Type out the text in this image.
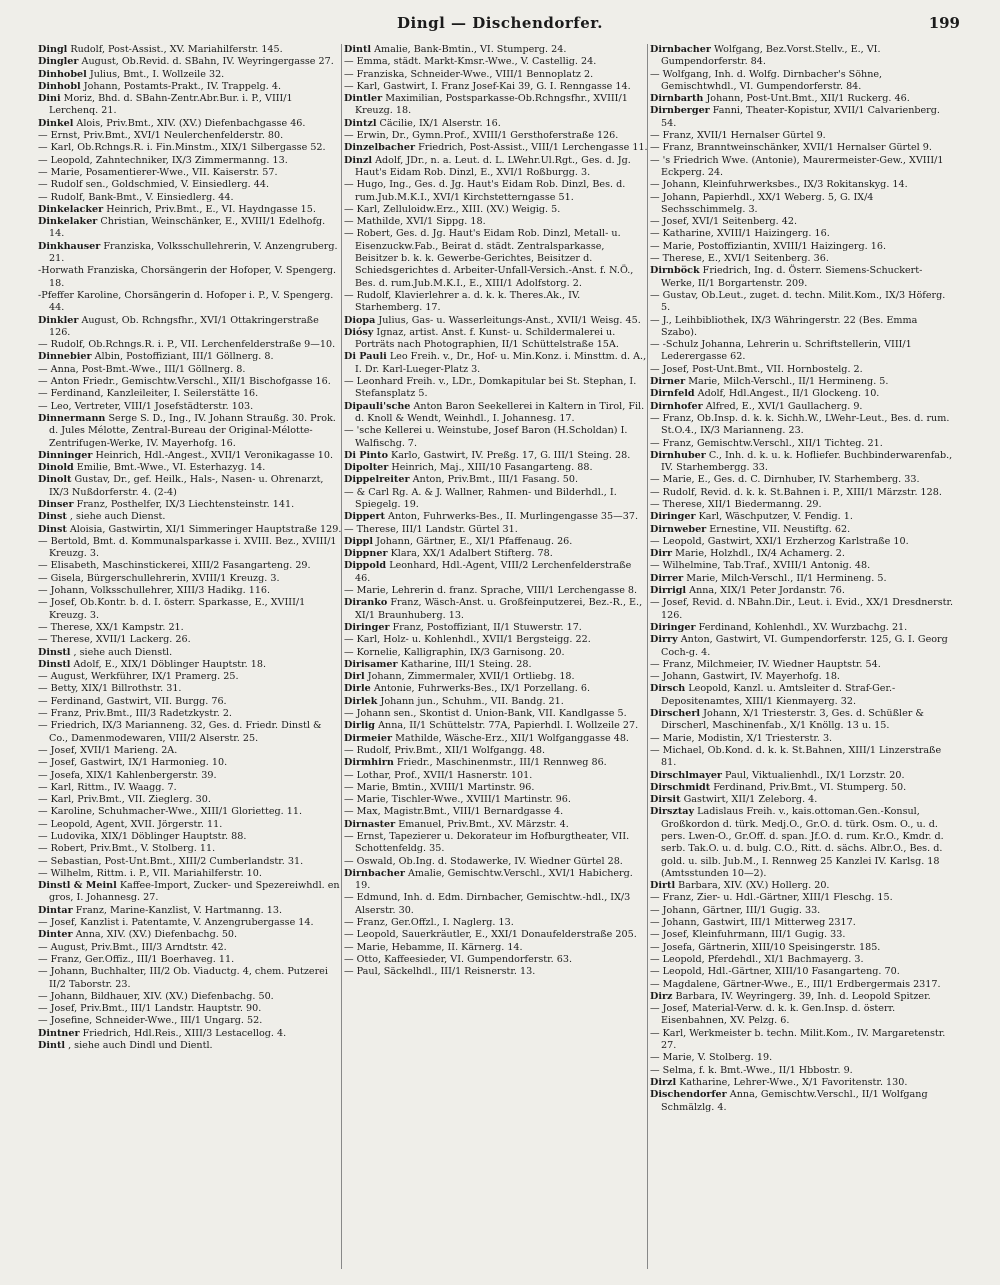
Dingl — Dischendorfer.	199

Dingl Rudolf, Post-Assist., XV. Mariahilferstr. 145.

Dingler August, Ob.Revid. d. SBahn, IV. Weyringergasse 27.

Dinhobel Julius, Bmt., I. Wollzeile 32.

Dinhobl Johann, Postamts-Prakt., IV. Trappelg. 4.

Dini Moriz, Bhd. d. SBahn-Zentr.Abr.Bur. i. P., VIII/1 Lerchenq. 21.

Dinkel Alois, Priv.Bmt., XIV. (XV.) Diefenbachgasse 46.

— Ernst, Priv.Bmt., XVI/1 Neulerchenfelderstr. 80.

— Karl, Ob.Rchngs.R. i. Fin.Minstm., XIX/1 Silbergasse 52.

— Leopold, Zahntechniker, IX/3 Zimmermanng. 13.

— Marie, Posamentierer-Wwe., VII. Kaiserstr. 57.

— Rudolf sen., Goldschmied, V. Einsiedlerg. 44.

— Rudolf, Bank-Bmt., V. Einsiedlerg. 44.

Dinkelacker Heinrich, Priv.Bmt., E., VI. Haydngasse 15.

Dinkelaker Christian, Weinschänker, E., XVIII/1 Edelhofg. 14.

Dinkhauser Franziska, Volksschullehrerin, V. Anzengruberg. 21.

-Horwath Franziska, Chorsängerin der Hofoper, V. Spengerg. 18.

-Pfeffer Karoline, Chorsängerin d. Hofoper i. P., V. Spengerg. 44.

Dinkler August, Ob. Rchngsfhr., XVI/1 Ottakringerstraße 126.

— Rudolf, Ob.Rchngs.R. i. P., VII. Lerchenfelderstraße 9—10.

Dinnebier Albin, Postoffiziant, III/1 Göllnerg. 8.

— Anna, Post-Bmt.-Wwe., III/1 Göllnerg. 8.

— Anton Friedr., Gemischtw.Verschl., XII/1 Bischofgasse 16.

— Ferdinand, Kanzleileiter, I. Seilerstätte 16.

— Leo, Vertreter, VIII/1 Josefstädterstr. 103.

Dinnermann Serge S. D., Ing., IV. Johann Straußg. 30. Prok. d. Jules Mélotte, Zentral-Bureau der Original-Mélotte-Zentrifugen-Werke, IV. Mayerhofg. 16.

Dinninger Heinrich, Hdl.-Angest., XVII/1 Veronikagasse 10.

Dinold Emilie, Bmt.-Wwe., VI. Esterhazyg. 14.

Dinolt Gustav, Dr., gef. Heilk., Hals-, Nasen- u. Ohrenarzt, IX/3 Nußdorferstr. 4. (2-4)

Dinser Franz, Posthelfer, IX/3 Liechtensteinstr. 141.

Dinst , siehe auch Dienst.

Dinst Aloisia, Gastwirtin, XI/1 Simmeringer Hauptstraße 129.

— Bertold, Bmt. d. Kommunalsparkasse i. XVIII. Bez., XVIII/1 Kreuzg. 3.

— Elisabeth, Maschinstickerei, XIII/2 Fasangarteng. 29.

— Gisela, Bürgerschullehrerin, XVIII/1 Kreuzg. 3.

— Johann, Volksschullehrer, XIII/3 Hadikg. 116.

— Josef, Ob.Kontr. b. d. I. österr. Sparkasse, E., XVIII/1 Kreuzg. 3.

— Therese, XX/1 Kampstr. 21.

— Therese, XVII/1 Lackerg. 26.

Dinstl , siehe auch Dienstl.

Dinstl Adolf, E., XIX/1 Döblinger Hauptstr. 18.

— August, Werkführer, IX/1 Pramerg. 25.

— Betty, XIX/1 Billrothstr. 31.

— Ferdinand, Gastwirt, VII. Burgg. 76.

— Franz, Priv.Bmt., III/3 Radetzkystr. 2.

— Friedrich, IX/3 Marianneng. 32, Ges. d. Friedr. Dinstl & Co., Damenmodewaren, VIII/2 Alserstr. 25.

— Josef, XVII/1 Marieng. 2A.

— Josef, Gastwirt, IX/1 Harmonieg. 10.

— Josefa, XIX/1 Kahlenbergerstr. 39.

— Karl, Rittm., IV. Waagg. 7.

— Karl, Priv.Bmt., VII. Zieglerg. 30.

— Karoline, Schuhmacher-Wwe., XIII/1 Glorietteg. 11.

— Leopold, Agent, XVII. Jörgerstr. 11.

— Ludovika, XIX/1 Döblinger Hauptstr. 88.

— Robert, Priv.Bmt., V. Stolberg. 11.

— Sebastian, Post-Unt.Bmt., XIII/2 Cumberlandstr. 31.

— Wilhelm, Rittm. i. P., VII. Mariahilferstr. 10.

Dinstl & Meinl Kaffee-Import, Zucker- und Spezereiwhdl. en gros, I. Johannesg. 27.

Dintar Franz, Marine-Kanzlist, V. Hartmanng. 13.

— Josef, Kanzlist i. Patentamte, V. Anzengrubergasse 14.

Dinter Anna, XIV. (XV.) Diefenbachg. 50.

— August, Priv.Bmt., III/3 Arndtstr. 42.

— Franz, Ger.Offiz., III/1 Boerhaveg. 11.

— Johann, Buchhalter, III/2 Ob. Viaductg. 4, chem. Putzerei II/2 Taborstr. 23.

— Johann, Bildhauer, XIV. (XV.) Diefenbachg. 50.

— Josef, Priv.Bmt., III/1 Landstr. Hauptstr. 90.

— Josefine, Schneider-Wwe., III/1 Ungarg. 52.

Dintner Friedrich, Hdl.Reis., XIII/3 Lestacellog. 4.

Dintl , siehe auch Dindl und Dientl.

Dintl Amalie, Bank-Bmtin., VI. Stumperg. 24.

— Emma, städt. Markt-Kmsr.-Wwe., V. Castellig. 24.

— Franziska, Schneider-Wwe., VIII/1 Bennoplatz 2.

— Karl, Gastwirt, I. Franz Josef-Kai 39, G. I. Renngasse 14.

Dintler Maximilian, Postsparkasse-Ob.Rchngsfhr., XVIII/1 Kreuzg. 18.

Dintzl Cäcilie, IX/1 Alserstr. 16.

— Erwin, Dr., Gymn.Prof., XVIII/1 Gersthoferstraße 126.

Dinzelbacher Friedrich, Post-Assist., VIII/1 Lerchengasse 11.

Dinzl Adolf, JDr., n. a. Leut. d. L. LWehr.Ul.Rgt., Ges. d. Jg. Haut's Eidam Rob. Dinzl, E., XVI/1 Roßburgg. 3.

— Hugo, Ing., Ges. d. Jg. Haut's Eidam Rob. Dinzl, Bes. d. rum.Jub.M.K.I., XVI/1 Kirchstetterngasse 51.

— Karl, Zelluloidw.Erz., XIII. (XV.) Weigig. 5.

— Mathilde, XVI/1 Sippg. 18.

— Robert, Ges. d. Jg. Haut's Eidam Rob. Dinzl, Metall- u. Eisenzuckw.Fab., Beirat d. städt. Zentralsparkasse, Beisitzer b. k. k. Gewerbe-Gerichtes, Beisitzer d. Schiedsgerichtes d. Arbeiter-Unfall-Versich.-Anst. f. N.Ö., Bes. d. rum.Jub.M.K.I., E., XIII/1 Adolfstorg. 2.

— Rudolf, Klavierlehrer a. d. k. k. Theres.Ak., IV. Starhemberg. 17.

Diopa Julius, Gas- u. Wasserleitungs-Anst., XVII/1 Weisg. 45.

Diósy Ignaz, artist. Anst. f. Kunst- u. Schildermalerei u. Porträts nach Photographien, II/1 Schüttelstraße 15A.

Di Pauli Leo Freih. v., Dr., Hof- u. Min.Konz. i. Minsttm. d. A., I. Dr. Karl-Lueger-Platz 3.

— Leonhard Freih. v., LDr., Domkapitular bei St. Stephan, I. Stefansplatz 5.

Dipauli'sche Anton Baron Seekellerei in Kaltern in Tirol, Fil. d. Knoll & Wendt, Weinhdl., I. Johannesg. 17.

— 'sche Kellerei u. Weinstube, Josef Baron (H.Scholdan) I. Walfischg. 7.

Di Pinto Karlo, Gastwirt, IV. Preßg. 17, G. III/1 Steing. 28.

Dipolter Heinrich, Maj., XIII/10 Fasangarteng. 88.

Dippelreiter Anton, Priv.Bmt., III/1 Fasang. 50.

— & Carl Rg. A. & J. Wallner, Rahmen- und Bilderhdl., I. Spiegelg. 19.

Dippert Anton, Fuhrwerks-Bes., II. Murlingengasse 35—37.

— Therese, III/1 Landstr. Gürtel 31.

Dippl Johann, Gärtner, E., XI/1 Pfaffenaug. 26.

Dippner Klara, XX/1 Adalbert Stifterg. 78.

Dippold Leonhard, Hdl.-Agent, VIII/2 Lerchenfelderstraße 46.

— Marie, Lehrerin d. franz. Sprache, VIII/1 Lerchengasse 8.

Diranko Franz, Wäsch-Anst. u. Großfeinputzerei, Bez.-R., E., XI/1 Braunhuberg. 13.

Diringer Franz, Postoffiziant, II/1 Stuwerstr. 17.

— Karl, Holz- u. Kohlenhdl., XVII/1 Bergsteigg. 22.

— Kornelie, Kalligraphin, IX/3 Garnisong. 20.

Dirisamer Katharine, III/1 Steing. 28.

Dirl Johann, Zimmermaler, XVII/1 Ortliebg. 18.

Dirle Antonie, Fuhrwerks-Bes., IX/1 Porzellang. 6.

Dirlek Johann jun., Schuhm., VII. Bandg. 21.

— Johann sen., Skontist d. Union-Bank, VII. Kandlgasse 5.

Dirlig Anna, II/1 Schüttelstr. 77A, Papierhdl. I. Wollzeile 27.

Dirmeier Mathilde, Wäsche-Erz., XII/1 Wolfganggasse 48.

— Rudolf, Priv.Bmt., XII/1 Wolfgangg. 48.

Dirmhirn Friedr., Maschinenmstr., III/1 Rennweg 86.

— Lothar, Prof., XVII/1 Hasnerstr. 101.

— Marie, Bmtin., XVIII/1 Martinstr. 96.

— Marie, Tischler-Wwe., XVIII/1 Martinstr. 96.

— Max, Magistr.Bmt., VIII/1 Bernardgasse 4.

Dirnaster Emanuel, Priv.Bmt., XV. Märzstr. 4.

— Ernst, Tapezierer u. Dekorateur im Hofburgtheater, VII. Schottenfeldg. 35.

— Oswald, Ob.Ing. d. Stodawerke, IV. Wiedner Gürtel 28.

Dirnbacher Amalie, Gemischtw.Verschl., XVI/1 Habicherg. 19.

— Edmund, Inh. d. Edm. Dirnbacher, Gemischtw.-hdl., IX/3 Alserstr. 30.

— Franz, Ger.Offzl., I. Naglerg. 13.

— Leopold, Sauerkräutler, E., XXI/1 Donaufelderstraße 205.

— Marie, Hebamme, II. Kärnerg. 14.

— Otto, Kaffeesieder, VI. Gumpendorferstr. 63.

— Paul, Säckelhdl., III/1 Reisnerstr. 13.

Dirnbacher Wolfgang, Bez.Vorst.Stellv., E., VI. Gumpendorferstr. 84.

— Wolfgang, Inh. d. Wolfg. Dirnbacher's Söhne, Gemischtwhdl., VI. Gumpendorferstr. 84.

Dirnbarth Johann, Post-Unt.Bmt., XII/1 Ruckerg. 46.

Dirnberger Fanni, Theater-Kopistur, XVII/1 Calvarienberg. 54.

— Franz, XVII/1 Hernalser Gürtel 9.

— Franz, Branntweinschänker, XVII/1 Hernalser Gürtel 9.

— 's Friedrich Wwe. (Antonie), Maurermeister-Gew., XVIII/1 Eckperg. 24.

— Johann, Kleinfuhrwerksbes., IX/3 Rokitanskyg. 14.

— Johann, Papierhdl., XX/1 Weberg. 5, G. IX/4 Sechsschimmelg. 3.

— Josef, XVI/1 Seitenberg. 42.

— Katharine, XVIII/1 Haizingerg. 16.

— Marie, Postoffiziantin, XVIII/1 Haizingerg. 16.

— Therese, E., XVI/1 Seitenberg. 36.

Dirnböck Friedrich, Ing. d. Österr. Siemens-Schuckert-Werke, II/1 Borgartenstr. 209.

— Gustav, Ob.Leut., zuget. d. techn. Milit.Kom., IX/3 Höferg. 5.

— J., Leihbibliothek, IX/3 Währingerstr. 22 (Bes. Emma Szabo).

— -Schulz Johanna, Lehrerin u. Schriftstellerin, VIII/1 Lederergasse 62.

— Josef, Post-Unt.Bmt., VII. Hornbostelg. 2.

Dirner Marie, Milch-Verschl., II/1 Hermineng. 5.

Dirnfeld Adolf, Hdl.Angest., II/1 Glockeng. 10.

Dirnhofer Alfred, E., XVI/1 Gaullacherg. 9.

— Franz, Ob.Insp. d. k. k. Sichh.W., LWehr-Leut., Bes. d. rum. St.O.4., IX/3 Marianneng. 23.

— Franz, Gemischtw.Verschl., XII/1 Tichteg. 21.

Dirnhuber C., Inh. d. k. u. k. Hofliefer. Buchbinderwarenfab., IV. Starhembergg. 33.

— Marie, E., Ges. d. C. Dirnhuber, IV. Starhemberg. 33.

— Rudolf, Revid. d. k. k. St.Bahnen i. P., XIII/1 Märzstr. 128.

— Therese, XII/1 Biedermanng. 29.

Diringer Karl, Wäschputzer, V. Fendig. 1.

Dirnweber Ernestine, VII. Neustiftg. 62.

— Leopold, Gastwirt, XXI/1 Erzherzog Karlstraße 10.

Dirr Marie, Holzhdl., IX/4 Achamerg. 2.

— Wilhelmine, Tab.Traf., XVIII/1 Antonig. 48.

Dirrer Marie, Milch-Verschl., II/1 Hermineng. 5.

Dirrigl Anna, XIX/1 Peter Jordanstr. 76.

— Josef, Revid. d. NBahn.Dir., Leut. i. Evid., XX/1 Dresdnerstr. 126.

Diringer Ferdinand, Kohlenhdl., XV. Wurzbachg. 21.

Dirry Anton, Gastwirt, VI. Gumpendorferstr. 125, G. I. Georg Coch-g. 4.

— Franz, Milchmeier, IV. Wiedner Hauptstr. 54.

— Johann, Gastwirt, IV. Mayerhofg. 18.

Dirsch Leopold, Kanzl. u. Amtsleiter d. Straf-Ger.-Depositenamtes, XIII/1 Kienmayerg. 32.

Dirscherl Johann, X/1 Triesterstr. 3, Ges. d. Schüßler & Dirscherl, Maschinenfab., X/1 Knöllg. 13 u. 15.

— Marie, Modistin, X/1 Triesterstr. 3.

— Michael, Ob.Kond. d. k. k. St.Bahnen, XIII/1 Linzerstraße 81.

Dirschlmayer Paul, Viktualienhdl., IX/1 Lorzstr. 20.

Dirschmidt Ferdinand, Priv.Bmt., VI. Stumperg. 50.

Dirsit Gastwirt, XII/1 Zeleborg. 4.

Dirsztay Ladislaus Freih. v., kais.ottoman.Gen.-Konsul, Großkordon d. türk. Medj.O., Gr.O. d. türk. Osm. O., u. d. pers. Lwen-O., Gr.Off. d. span. Jf.O. d. rum. Kr.O., Kmdr. d. serb. Tak.O. u. d. bulg. C.O., Ritt. d. sächs. Albr.O., Bes. d. gold. u. silb. Jub.M., I. Rennweg 25 Kanzlei IV. Karlsg. 18 (Amtsstunden 10—2).

Dirtl Barbara, XIV. (XV.) Hollerg. 20.

— Franz, Zier- u. Hdl.-Gärtner, XIII/1 Fleschg. 15.

— Johann, Gärtner, III/1 Gugig. 33.

— Johann, Gastwirt, III/1 Mitterweg 2317.

— Josef, Kleinfuhrmann, III/1 Gugig. 33.

— Josefa, Gärtnerin, XIII/10 Speisingerstr. 185.

— Leopold, Pferdehdl., XI/1 Bachmayerg. 3.

— Leopold, Hdl.-Gärtner, XIII/10 Fasangarteng. 70.

— Magdalene, Gärtner-Wwe., E., III/1 Erdbergermais 2317.

Dirz Barbara, IV. Weyringerg. 39, Inh. d. Leopold Spitzer.

— Josef, Material-Verw. d. k. k. Gen.Insp. d. österr. Eisenbahnen, XV. Pelzg. 6.

— Karl, Werkmeister b. techn. Milit.Kom., IV. Margaretenstr. 27.

— Marie, V. Stolberg. 19.

— Selma, f. k. Bmt.-Wwe., II/1 Hbbostr. 9.

Dirzl Katharine, Lehrer-Wwe., X/1 Favoritenstr. 130.

Dischendorfer Anna, Gemischtw.Verschl., II/1 Wolfgang Schmälzlg. 4.
